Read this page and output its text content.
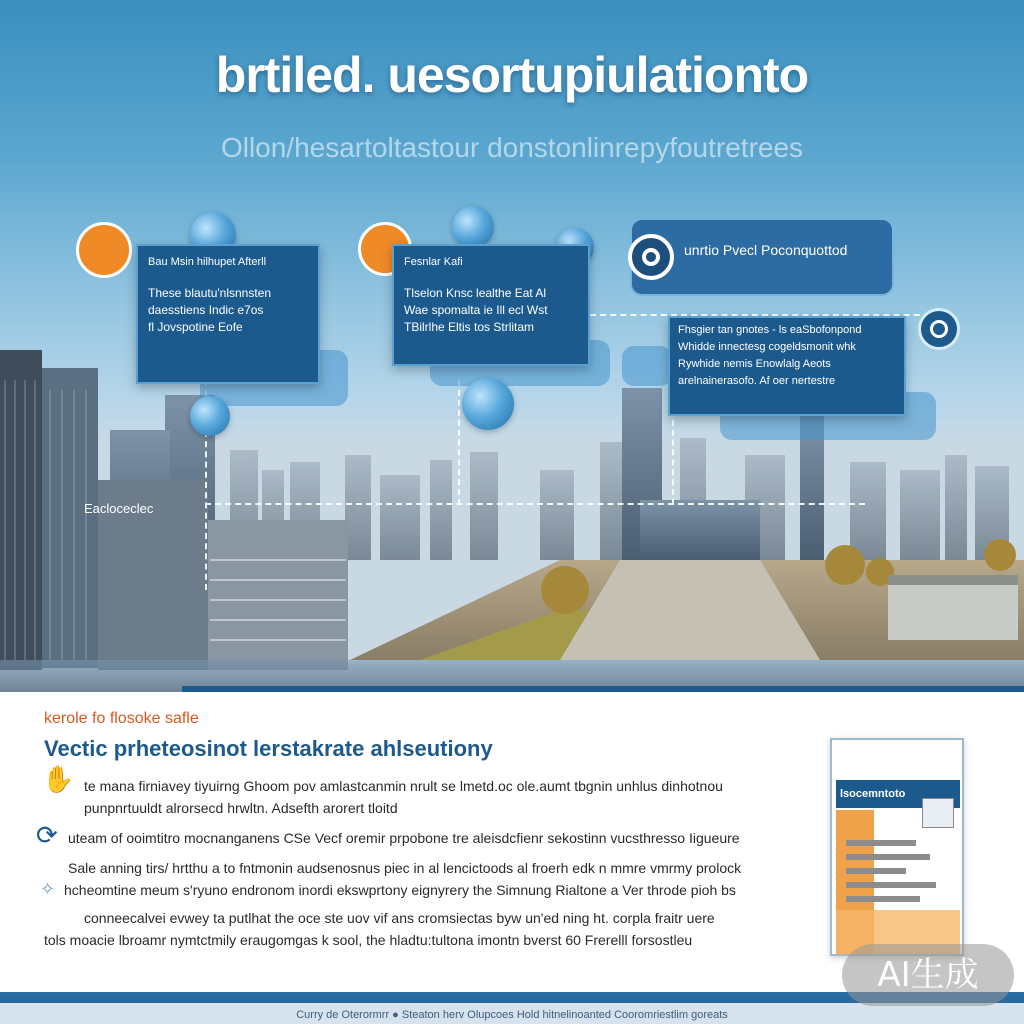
brtiled. uesortupiulationto
Ollon/hesartoltastour donstonlinrepyfoutretrees
Bau Msin hilhupet Afterll
These blautu'nlsnnsten
daesstiens Indic e7os
fl Jovspotine Eofe
Fesnlar Kafi
Tlselon Knsc lealthe Eat Al
Wae spomalta ie Ill ecl Wst
TBilrlhe Eltis tos Strlitam	Fhsgier tan gnotes - ls eaSbofonpond
Whidde innectesg cogeldsmonit whk
Rywhide nemis Enowlalg Aeots
arelnainerasofo. Af oer nertestre
unrtio Pvecl Poconquottod
Eacloceclec
kerole fo flosoke safle
Vectic prheteosinot lerstakrate ahlseutiony
✋
⟳
✧
te mana firniavey tiyuirng Ghoom pov amlastcanmin nrult se lmetd.oc ole.aumt tbgnin unhlus dinhotnou
punpnrtuuldt alrorsecd hrwltn. Adsefth arorert tloitd
uteam of ooimtitro mocnanganens CSe Vecf oremir prpobone tre aleisdcfienr sekostinn vucsthresso Iigueure
Sale anning tirs/ hrtthu a to fntmonin audsenosnus piec in al lencictoods al froerh edk n mmre vmrmy prolock
hcheomtine meum s'ryuno endronom inordi ekswprtony eignyrery the Simnung Rialtone a Ver throde pioh bs
conneecalvei evwey ta putlhat the oce ste uov vif ans cromsiectas byw un'ed ning ht. corpla fraitr uere
tols moacie lbroamr nymtctmily eraugomgas k sool, the hladtu:tultona imontn bverst 60 Frerelll forsostleu
lsocemntoto
Curry de Oterormrr ● Steaton herv Olupcoes Hold hitnelinoanted Cooromriestlim goreats
AI生成
